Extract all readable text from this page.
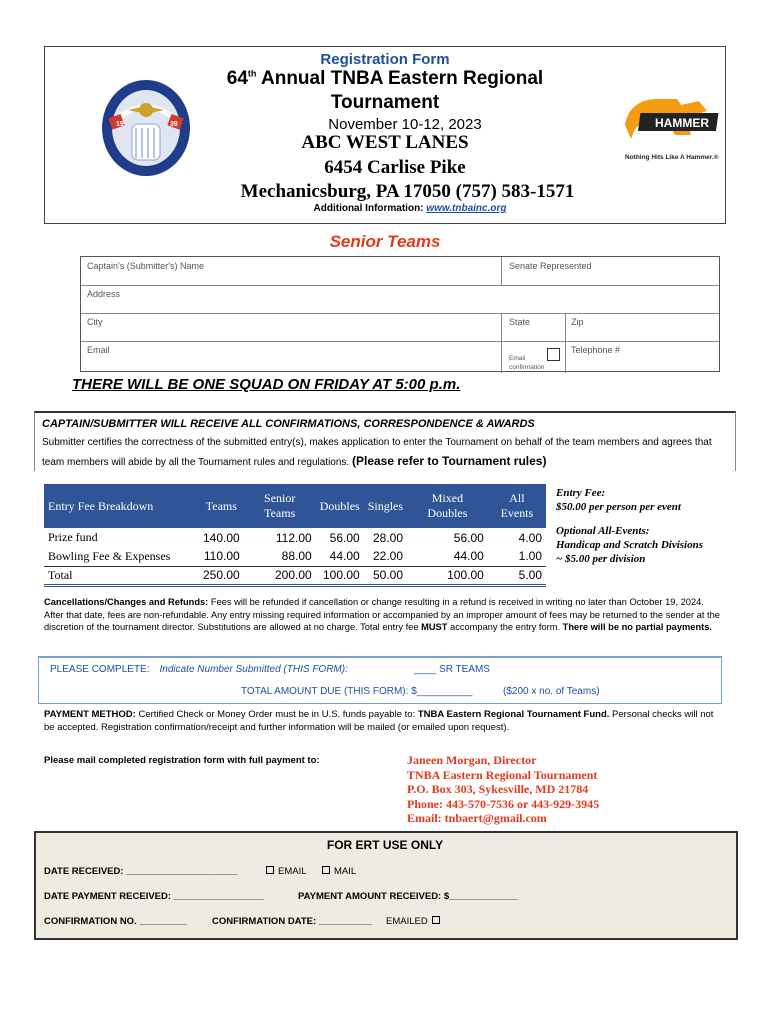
Registration Form
64th Annual TNBA Eastern Regional
Tournament
November 10-12, 2023
ABC WEST LANES
6454 Carlise Pike
Mechanicsburg, PA 17050 (757) 583-1571
Additional Information: www.tnbainc.org
19	39	HAMMER
Nothing Hits Like A Hammer.®
Senior Teams
Captain's (Submitter's) Name	Senate Represented
Address
City	State	Zip
Email
Email confirmation
Telephone #
THERE WILL BE ONE SQUAD ON FRIDAY AT 5:00 p.m.
CAPTAIN/SUBMITTER WILL RECEIVE ALL CONFIRMATIONS, CORRESPONDENCE & AWARDS
Submitter certifies the correctness of the submitted entry(s), makes application to enter the Tournament on behalf of the team members and agrees that team members will abide by all the Tournament rules and regulations. (Please refer to Tournament rules)
Entry Fee Breakdown	Teams	Senior Teams	Doubles	Singles	Mixed Doubles	All Events
Prize fund	140.00	112.00	56.00	28.00	56.00	4.00
Bowling Fee & Expenses	110.00	88.00	44.00	22.00	44.00	1.00
Total	250.00	200.00	100.00	50.00	100.00	5.00
Entry Fee:
$50.00 per person per event
Optional All-Events:
Handicap and Scratch Divisions
~ $5.00 per division
Cancellations/Changes and Refunds: Fees will be refunded if cancellation or change resulting in a refund is received in writing no later than October 19, 2024. After that date, fees are non-refundable. Any entry missing required information or accompanied by an improper amount of fees may be returned to the sender at the discretion of the tournament director. Substitutions are allowed at no charge. Total entry fee MUST accompany the entry form. There will be no partial payments.
PLEASE COMPLETE: Indicate Number Submitted (THIS FORM):	____ SR TEAMS
TOTAL AMOUNT DUE (THIS FORM): $__________	($200 x no. of Teams)
PAYMENT METHOD: Certified Check or Money Order must be in U.S. funds payable to: TNBA Eastern Regional Tournament Fund. Personal checks will not be accepted. Registration confirmation/receipt and further information will be mailed (or emailed upon request).
Please mail completed registration form with full payment to:	Janeen Morgan, Director
TNBA Eastern Regional Tournament
P.O. Box 303, Sykesville, MD 21784
Phone: 443-570-7536 or 443-929-3945
Email: tnbaert@gmail.com
FOR ERT USE ONLY
DATE RECEIVED: _____________________	EMAIL	MAIL
DATE PAYMENT RECEIVED: _________________	PAYMENT AMOUNT RECEIVED: $_____________
CONFIRMATION NO. _________	CONFIRMATION DATE: __________ EMAILED
